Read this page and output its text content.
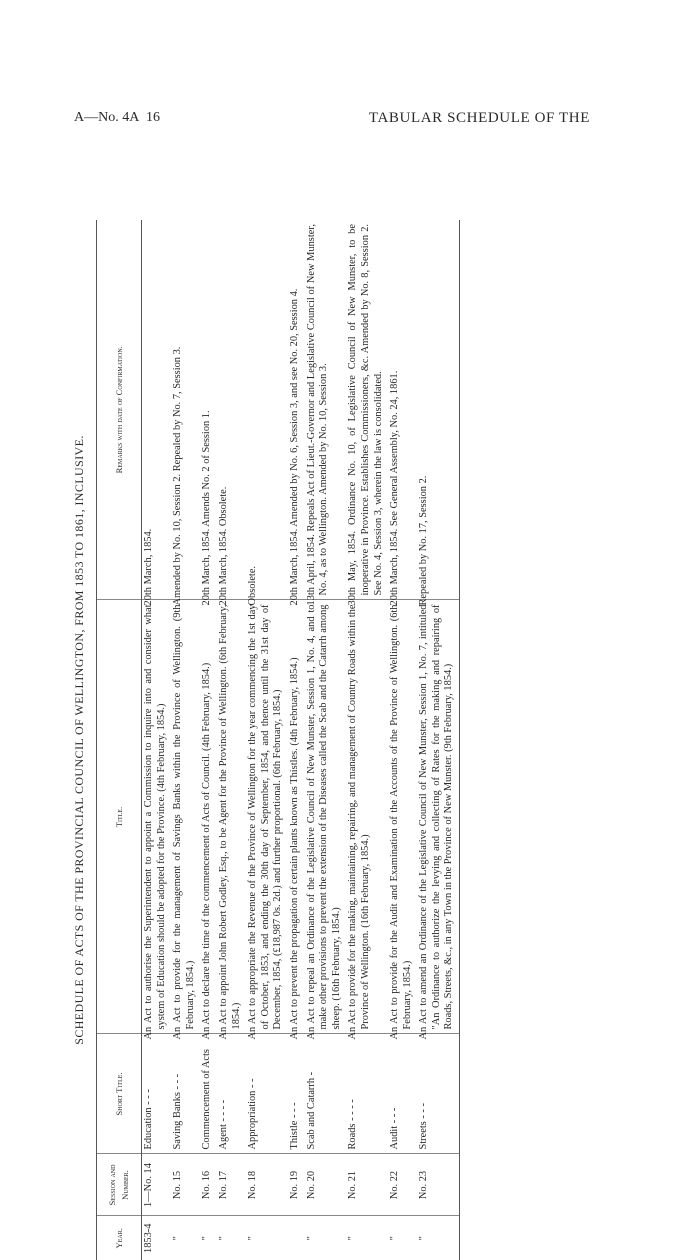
A—No. 4A 16	TABULAR SCHEDULE OF THE
SCHEDULE OF ACTS OF THE PROVINCIAL COUNCIL OF WELLINGTON, FROM 1853 TO 1861, INCLUSIVE.
Year.	Session and Number.	Short Title.	Title.	Remarks with date of Confirmation.
1853-4	1—No. 14	Education - - -	An Act to authorise the Superintendent to appoint a Commission to inquire into and consider what system of Education should be adopted for the Province. (4th February, 1854.)	20th March, 1854.
"	No. 15	Saving Banks - - -	An Act to provide for the management of Savings Banks within the Province of Wellington. (9th February, 1854.)	Amended by No. 10, Session 2. Repealed by No. 7, Session 3.
"	No. 16	Commencement of Acts	An Act to declare the time of the commencement of Acts of Council. (4th February, 1854.)	20th March, 1854. Amends No. 2 of Session 1.
"	No. 17	Agent - - - -	An Act to appoint John Robert Godley, Esq., to be Agent for the Province of Wellington. (6th February, 1854.)	20th March, 1854. Obsolete.
"	No. 18	Appropriation - -	An Act to appropriate the Revenue of the Province of Wellington for the year commencing the 1st day of October, 1853, and ending the 30th day of September, 1854, and thence until the 31st day of December, 1854, (£18,987 0s. 2d.) and further proportional. (6th February, 1854.)	Obsolete.
	No. 19	Thistle - - -	An Act to prevent the propagation of certain plants known as Thistles. (4th February, 1854.)	20th March, 1854. Amended by No. 6, Session 3, and see No. 20, Session 4.
"	No. 20	Scab and Catarrh -	An Act to repeal an Ordinance of the Legislative Council of New Munster, Session 1, No. 4, and to make other provisions to prevent the extension of the Diseases called the Scab and the Catarrh among sheep. (16th February, 1854.)	13th April, 1854. Repeals Act of Lieut.-Governor and Legislative Council of New Munster, No. 4, as to Wellington. Amended by No. 10, Session 3.
"	No. 21	Roads - - - -	An Act to provide for the making, maintaining, repairing, and management of Country Roads within the Province of Wellington. (16th February, 1854.)	30th May, 1854. Ordinance No. 10, of Legislative Council of New Munster, to be inoperative in Province. Establishes Commissioners, &c. Amended by No. 8, Session 2. See No. 4, Session 3, wherein the law is consolidated.
"	No. 22	Audit - - -	An Act to provide for the Audit and Examination of the Accounts of the Province of Wellington. (6th February, 1854.)	20th March, 1854. See General Assembly, No. 24, 1861.
"	No. 23	Streets - - -	An Act to amend an Ordinance of the Legislative Council of New Munster, Session 1, No. 7, intituled "An Ordinance to authorize the levying and collecting of Rates for the making and repairing of Roads, Streets, &c., in any Town in the Province of New Munster. (9th February, 1854.)	Repealed by No. 17, Session 2.
